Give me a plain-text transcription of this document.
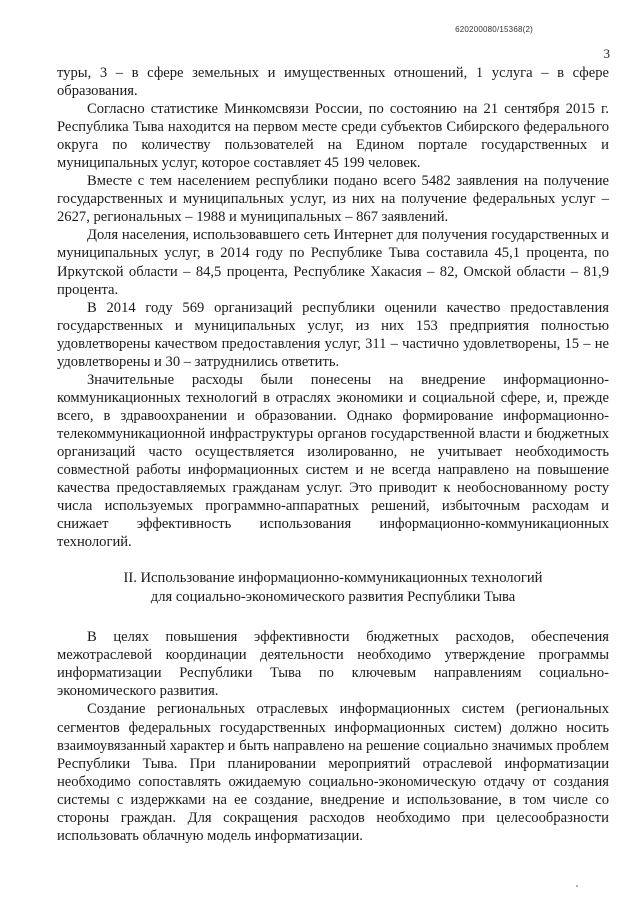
620200080/15368(2)
3

туры, 3 – в сфере земельных и имущественных отношений, 1 услуга – в сфере образования.

Согласно статистике Минкомсвязи России, по состоянию на 21 сентября 2015 г. Республика Тыва находится на первом месте среди субъектов Сибирского федерального округа по количеству пользователей на Едином портале государственных и муниципальных услуг, которое составляет 45 199 человек.

Вместе с тем населением республики подано всего 5482 заявления на получение государственных и муниципальных услуг, из них на получение федеральных услуг – 2627, региональных – 1988 и муниципальных – 867 заявлений.

Доля населения, использовавшего сеть Интернет для получения государственных и муниципальных услуг, в 2014 году по Республике Тыва составила 45,1 процента, по Иркутской области – 84,5 процента, Республике Хакасия – 82, Омской области – 81,9 процента.

В 2014 году 569 организаций республики оценили качество предоставления государственных и муниципальных услуг, из них 153 предприятия полностью удовлетворены качеством предоставления услуг, 311 – частично удовлетворены, 15 – не удовлетворены и 30 – затруднились ответить.

Значительные расходы были понесены на внедрение информационно-коммуникационных технологий в отраслях экономики и социальной сфере, и, прежде всего, в здравоохранении и образовании. Однако формирование информационно-телекоммуникационной инфраструктуры органов государственной власти и бюджетных организаций часто осуществляется изолированно, не учитывает необходимость совместной работы информационных систем и не всегда направлено на повышение качества предоставляемых гражданам услуг. Это приводит к необоснованному росту числа используемых программно-аппаратных решений, избыточным расходам и снижает эффективность использования информационно-коммуникационных технологий.

II. Использование информационно-коммуникационных технологий
для социально-экономического развития Республики Тыва

В целях повышения эффективности бюджетных расходов, обеспечения межотраслевой координации деятельности необходимо утверждение программы информатизации Республики Тыва по ключевым направлениям социально-экономического развития.

Создание региональных отраслевых информационных систем (региональных сегментов федеральных государственных информационных систем) должно носить взаимоувязанный характер и быть направлено на решение социально значимых проблем Республики Тыва. При планировании мероприятий отраслевой информатизации необходимо сопоставлять ожидаемую социально-экономическую отдачу от создания системы с издержками на ее создание, внедрение и использование, в том числе со стороны граждан. Для сокращения расходов необходимо при целесообразности использовать облачную модель информатизации.
